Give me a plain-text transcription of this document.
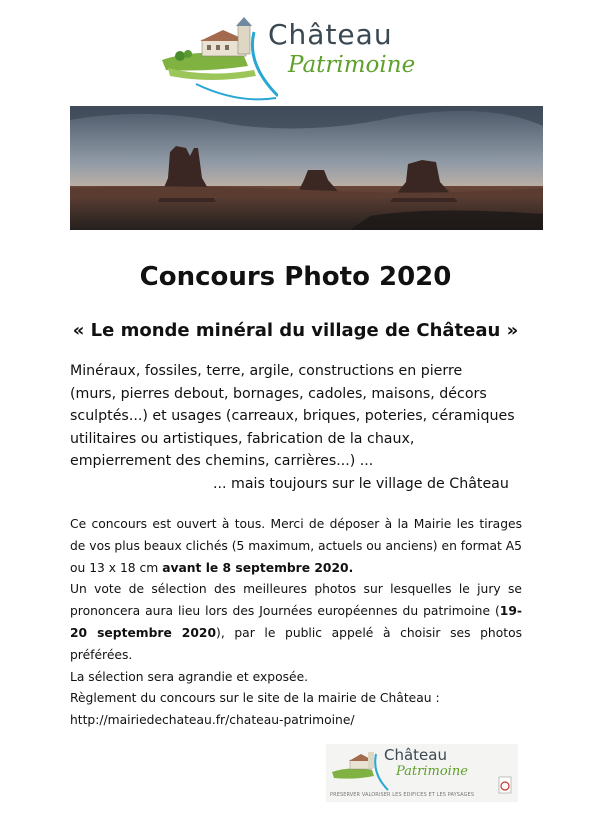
Château
Patrimoine
Concours Photo 2020
« Le monde minéral du village de Château »
Minéraux, fossiles, terre, argile, constructions en pierre
(murs, pierres debout, bornages, cadoles, maisons, décors
sculptés...) et usages (carreaux, briques, poteries, céramiques
utilitaires ou artistiques, fabrication de la chaux,
empierrement des chemins, carrières...) ...
... mais toujours sur le village de Château

Ce concours est ouvert à tous. Merci de déposer à la Mairie les tirages de vos plus beaux clichés (5 maximum, actuels ou anciens) en format A5 ou 13 x 18 cm avant le 8 septembre 2020.

Un vote de sélection des meilleures photos sur lesquelles le jury se prononcera aura lieu lors des Journées européennes du patrimoine (19-20 septembre 2020), par le public appelé à choisir ses photos préférées.

La sélection sera agrandie et exposée.

Règlement du concours sur le site de la mairie de Château :

http://mairiedechateau.fr/chateau-patrimoine/

Château
Patrimoine
PRESERVER VALORISER LES EDIFICES ET LES PAYSAGES
